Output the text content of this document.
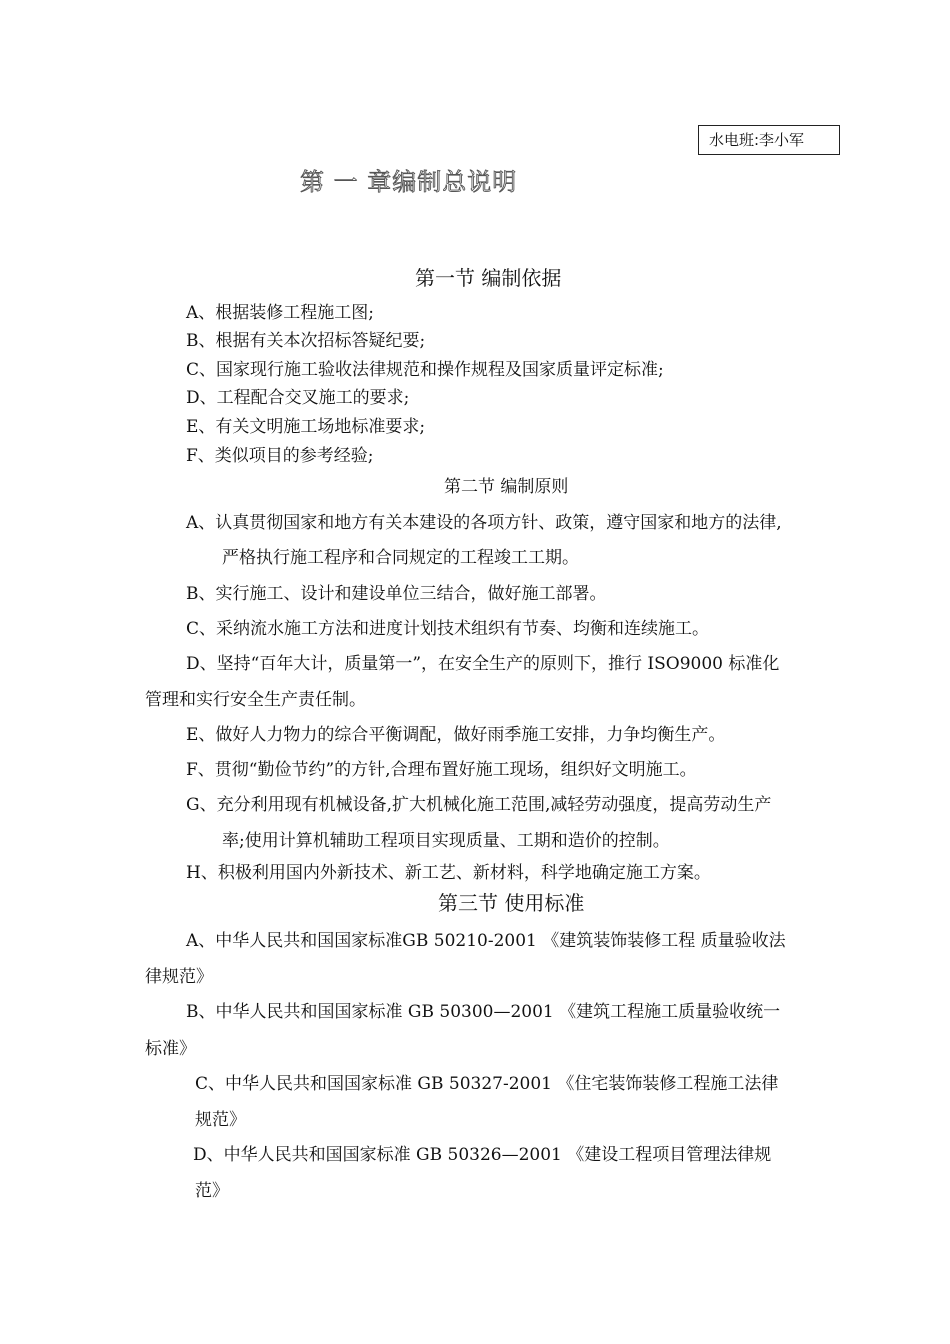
水电班:李小军
第 一 章编制总说明
第一节 编制依据
A、根据装修工程施工图;
B、根据有关本次招标答疑纪要;
C、国家现行施工验收法律规范和操作规程及国家质量评定标准;
D、工程配合交叉施工的要求;
E、有关文明施工场地标准要求;
F、类似项目的参考经验;
第二节 编制原则
A、认真贯彻国家和地方有关本建设的各项方针、政策，遵守国家和地方的法律,
严格执行施工程序和合同规定的工程竣工工期。
B、实行施工、设计和建设单位三结合，做好施工部署。
C、采纳流水施工方法和进度计划技术组织有节奏、均衡和连续施工。
D、坚持“百年大计，质量第一”，在安全生产的原则下，推行 ISO9000 标准化
管理和实行安全生产责任制。
E、做好人力物力的综合平衡调配，做好雨季施工安排，力争均衡生产。
F、贯彻“勤俭节约”的方针,合理布置好施工现场，组织好文明施工。
G、充分利用现有机械设备,扩大机械化施工范围,减轻劳动强度，提高劳动生产
率;使用计算机辅助工程项目实现质量、工期和造价的控制。
H、积极利用国内外新技术、新工艺、新材料，科学地确定施工方案。
第三节 使用标准
A、中华人民共和国国家标准GB 50210-2001 《建筑装饰装修工程 质量验收法
律规范》
B、中华人民共和国国家标准 GB 50300—2001 《建筑工程施工质量验收统一
标准》
C、中华人民共和国国家标准 GB 50327-2001 《住宅装饰装修工程施工法律
规范》
D、中华人民共和国国家标准 GB 50326—2001 《建设工程项目管理法律规
范》
